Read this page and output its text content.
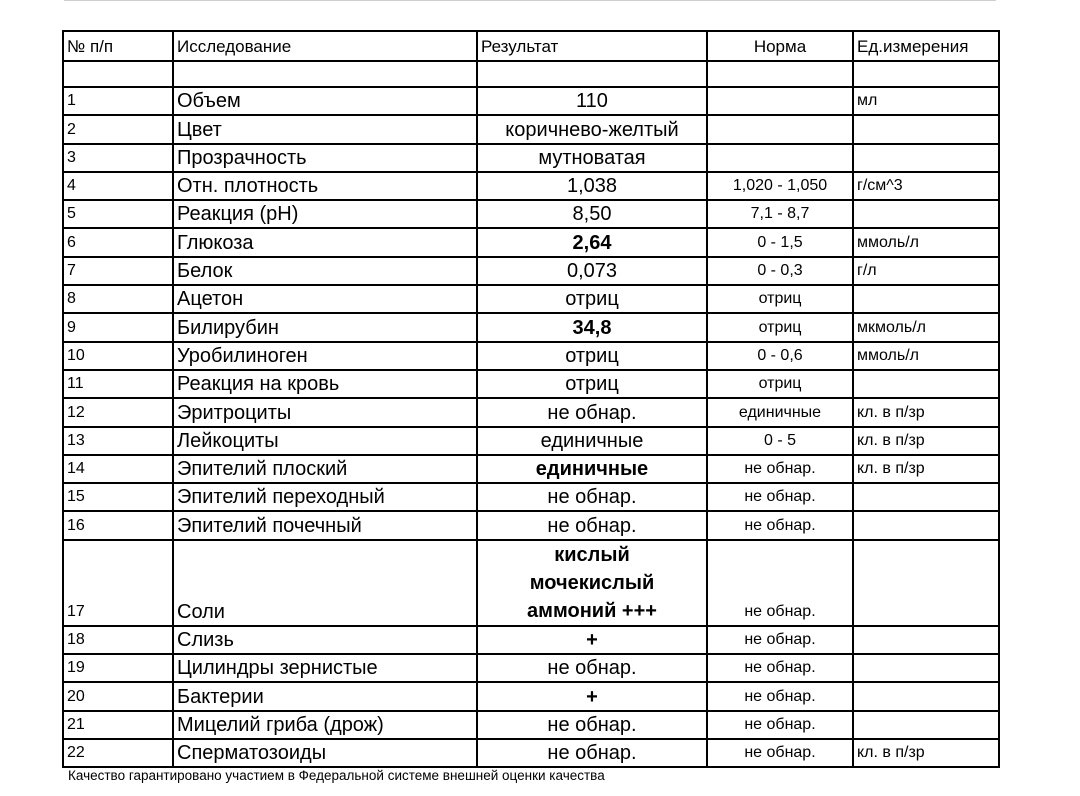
№ п/п	Исследование	Результат	Норма	Ед.измерения

1	Объем	110		мл
2	Цвет	коричнево-желтый		
3	Прозрачность	мутноватая		
4	Отн. плотность	1,038	1,020 - 1,050	г/см^3
5	Реакция (pH)	8,50	7,1 - 8,7	
6	Глюкоза	2,64	0 - 1,5	ммоль/л
7	Белок	0,073	0 - 0,3	г/л
8	Ацетон	отриц	отриц	
9	Билирубин	34,8	отриц	мкмоль/л
10	Уробилиноген	отриц	0 - 0,6	ммоль/л
11	Реакция на кровь	отриц	отриц	
12	Эритроциты	не обнар.	единичные	кл. в п/зр
13	Лейкоциты	единичные	0 - 5	кл. в п/зр
14	Эпителий плоский	единичные	не обнар.	кл. в п/зр
15	Эпителий переходный	не обнар.	не обнар.	
16	Эпителий почечный	не обнар.	не обнар.	
17	Соли	кислый
мочекислый
аммоний +++	не обнар.	
18	Слизь	+	не обнар.	
19	Цилиндры зернистые	не обнар.	не обнар.	
20	Бактерии	+	не обнар.	
21	Мицелий гриба (дрож)	не обнар.	не обнар.	
22	Сперматозоиды	не обнар.	не обнар.	кл. в п/зр
Качество гарантировано участием в Федеральной системе внешней оценки качества
